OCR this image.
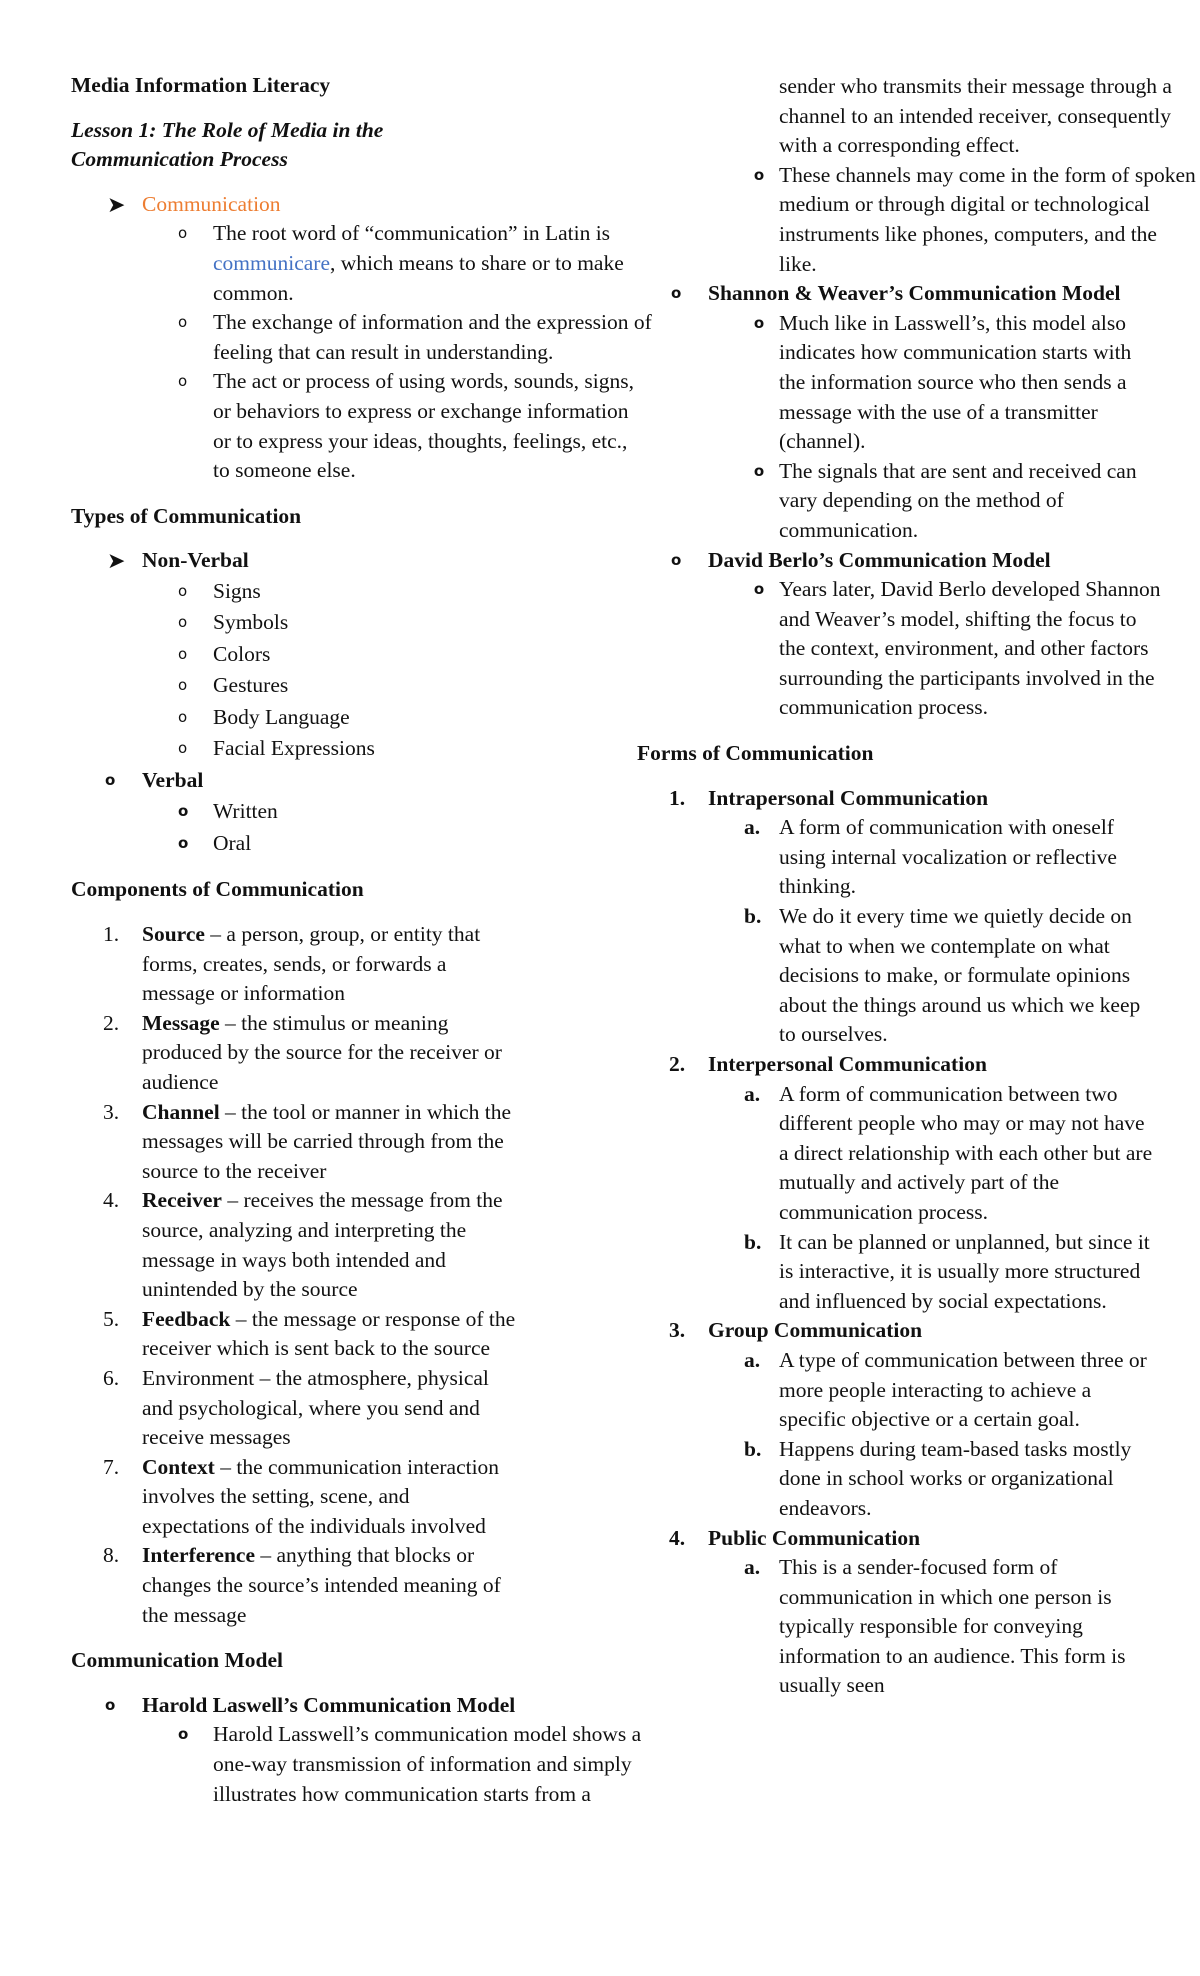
Media Information Literacy

Lesson 1: The Role of Media in the Communication Process

➤ Communication
o	The root word of “communication” in Latin is communicare, which means to share or to make common.
o	The exchange of information and the expression of feeling that can result in understanding.
o	The act or process of using words, sounds, signs, or behaviors to express or exchange information or to express your ideas, thoughts, feelings, etc., to someone else.

Types of Communication

➤ Non-Verbal
o	Signs
o	Symbols
o	Colors
o	Gestures
o	Body Language
o	Facial Expressions
o	Verbal
o	Written
o	Oral

Components of Communication

1.	Source – a person, group, or entity that forms, creates, sends, or forwards a message or information
2.	Message – the stimulus or meaning produced by the source for the receiver or audience
3.	Channel – the tool or manner in which the messages will be carried through from the source to the receiver
4.	Receiver – receives the message from the source, analyzing and interpreting the message in ways both intended and unintended by the source
5.	Feedback – the message or response of the receiver which is sent back to the source
6.	Environment – the atmosphere, physical and psychological, where you send and receive messages
7.	Context – the communication interaction involves the setting, scene, and expectations of the individuals involved
8.	Interference – anything that blocks or changes the source’s intended meaning of the message

Communication Model

o	Harold Laswell’s Communication Model
o	Harold Lasswell’s communication model shows a one-way transmission of information and simply illustrates how communication starts from a
sender who transmits their message through a channel to an intended receiver, consequently with a corresponding effect.
o These channels may come in the form of spoken medium or through digital or technological instruments like phones, computers, and the like.
o	Shannon & Weaver’s Communication Model
o Much like in Lasswell’s, this model also indicates how communication starts with the information source who then sends a message with the use of a transmitter (channel).
o The signals that are sent and received can vary depending on the method of communication.
o	David Berlo’s Communication Model
o Years later, David Berlo developed Shannon and Weaver’s model, shifting the focus to the context, environment, and other factors surrounding the participants involved in the communication process.

Forms of Communication

1.	Intrapersonal Communication
a. A form of communication with oneself using internal vocalization or reflective thinking.
b. We do it every time we quietly decide on what to when we contemplate on what decisions to make, or formulate opinions about the things around us which we keep to ourselves.
2.	Interpersonal Communication
a. A form of communication between two different people who may or may not have a direct relationship with each other but are mutually and actively part of the communication process.
b. It can be planned or unplanned, but since it is interactive, it is usually more structured and influenced by social expectations.
3.	Group Communication
a. A type of communication between three or more people interacting to achieve a specific objective or a certain goal.
b. Happens during team-based tasks mostly done in school works or organizational endeavors.
4.	Public Communication
a. This is a sender-focused form of communication in which one person is typically responsible for conveying information to an audience. This form is usually seen
